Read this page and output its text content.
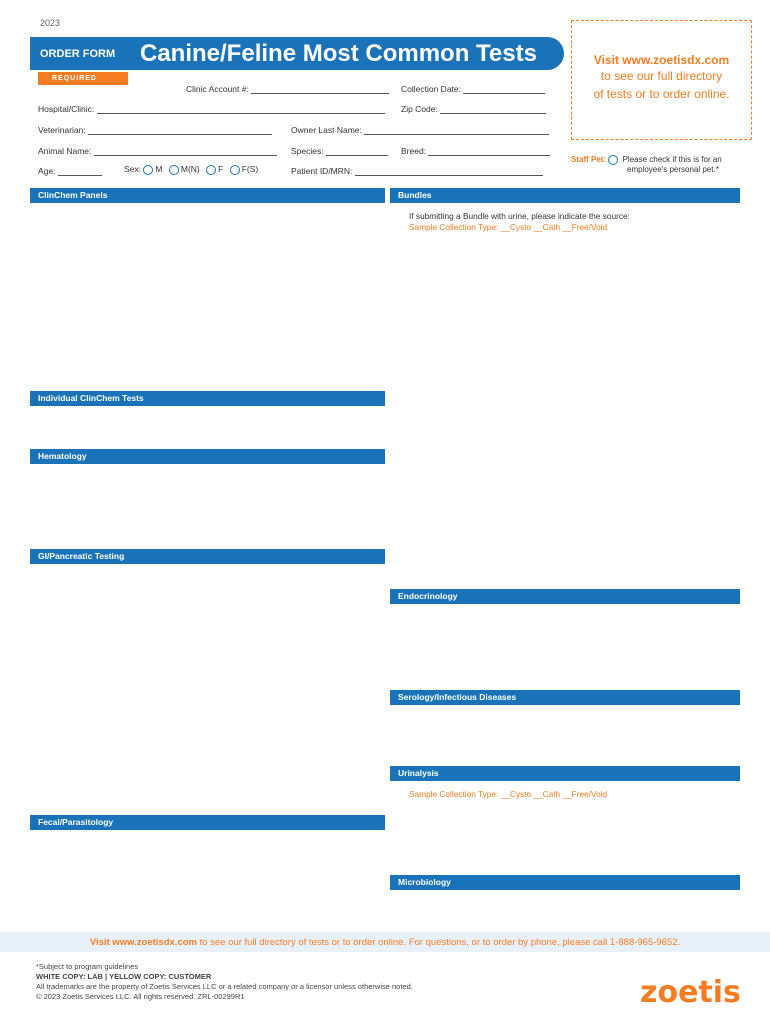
2023
ORDER FORM	Canine/Feline Most Common Tests
REQUIRED
Visit www.zoetisdx.com
to see our full directory
of tests or to order online.
Clinic Account #:	Collection Date:
Hospital/Clinic:	Zip Code:
Veterinarian:	Owner Last Name:
Animal Name:	Species:	Breed:
Age:	Sex: M M(N) F F(S)	Patient ID/MRN:
Staff Pet: Please check if this is for an
employee's personal pet.*
ClinChem Panels
Individual ClinChem Tests
Hematology
GI/Pancreatic Testing
Fecal/Parasitology
Bundles
If submitting a Bundle with urine, please indicate the source:
Sample Collection Type: __Cysto __Cath __Free/Void
Endocrinology
Serology/Infectious Diseases
Urinalysis
Sample Collection Type: __Cysto __Cath __Free/Void
Microbiology
Visit www.zoetisdx.com to see our full directory of tests or to order online. For questions, or to order by phone, please call 1-888-965-9652.
*Subject to program guidelines
WHITE COPY: LAB | YELLOW COPY: CUSTOMER
All trademarks are the property of Zoetis Services LLC or a related company or a licensor unless otherwise noted.
© 2023 Zoetis Services LLC. All rights reserved. ZRL-00299R1	zoetis
